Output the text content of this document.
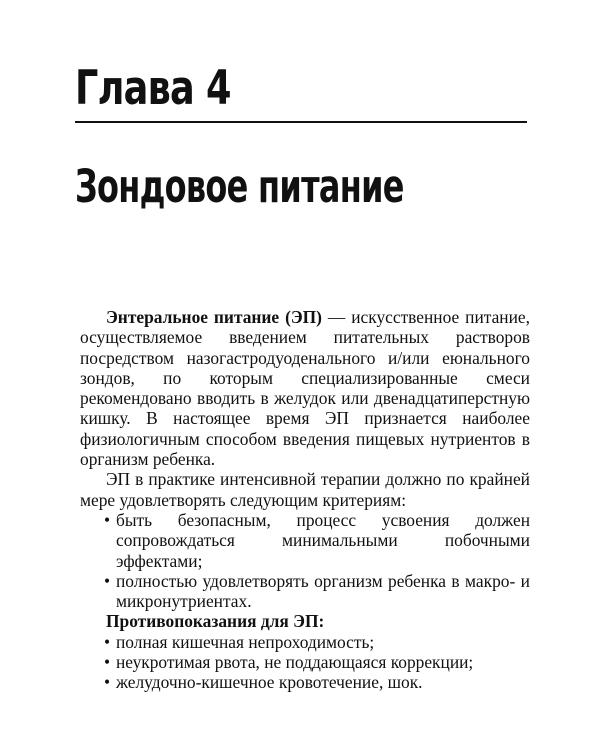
Глава 4
Зондовое питание

Энтеральное питание (ЭП) — искусственное питание, осуществляемое введением питательных растворов посредством назогастродуоденального и/или еюнального зондов, по которым специализированные смеси рекомендовано вводить в желудок или двенадцатиперстную кишку. В настоящее время ЭП признается наиболее физиологичным способом введения пищевых нутриентов в организм ребенка.

ЭП в практике интенсивной терапии должно по крайней мере удовлетворять следующим критериям:

• быть безопасным, процесс усвоения должен сопровождаться минимальными побочными эффектами;
• полностью удовлетворять организм ребенка в макро- и микронутриентах.

Противопоказания для ЭП:

• полная кишечная непроходимость;
• неукротимая рвота, не поддающаяся коррекции;
• желудочно-кишечное кровотечение, шок.
